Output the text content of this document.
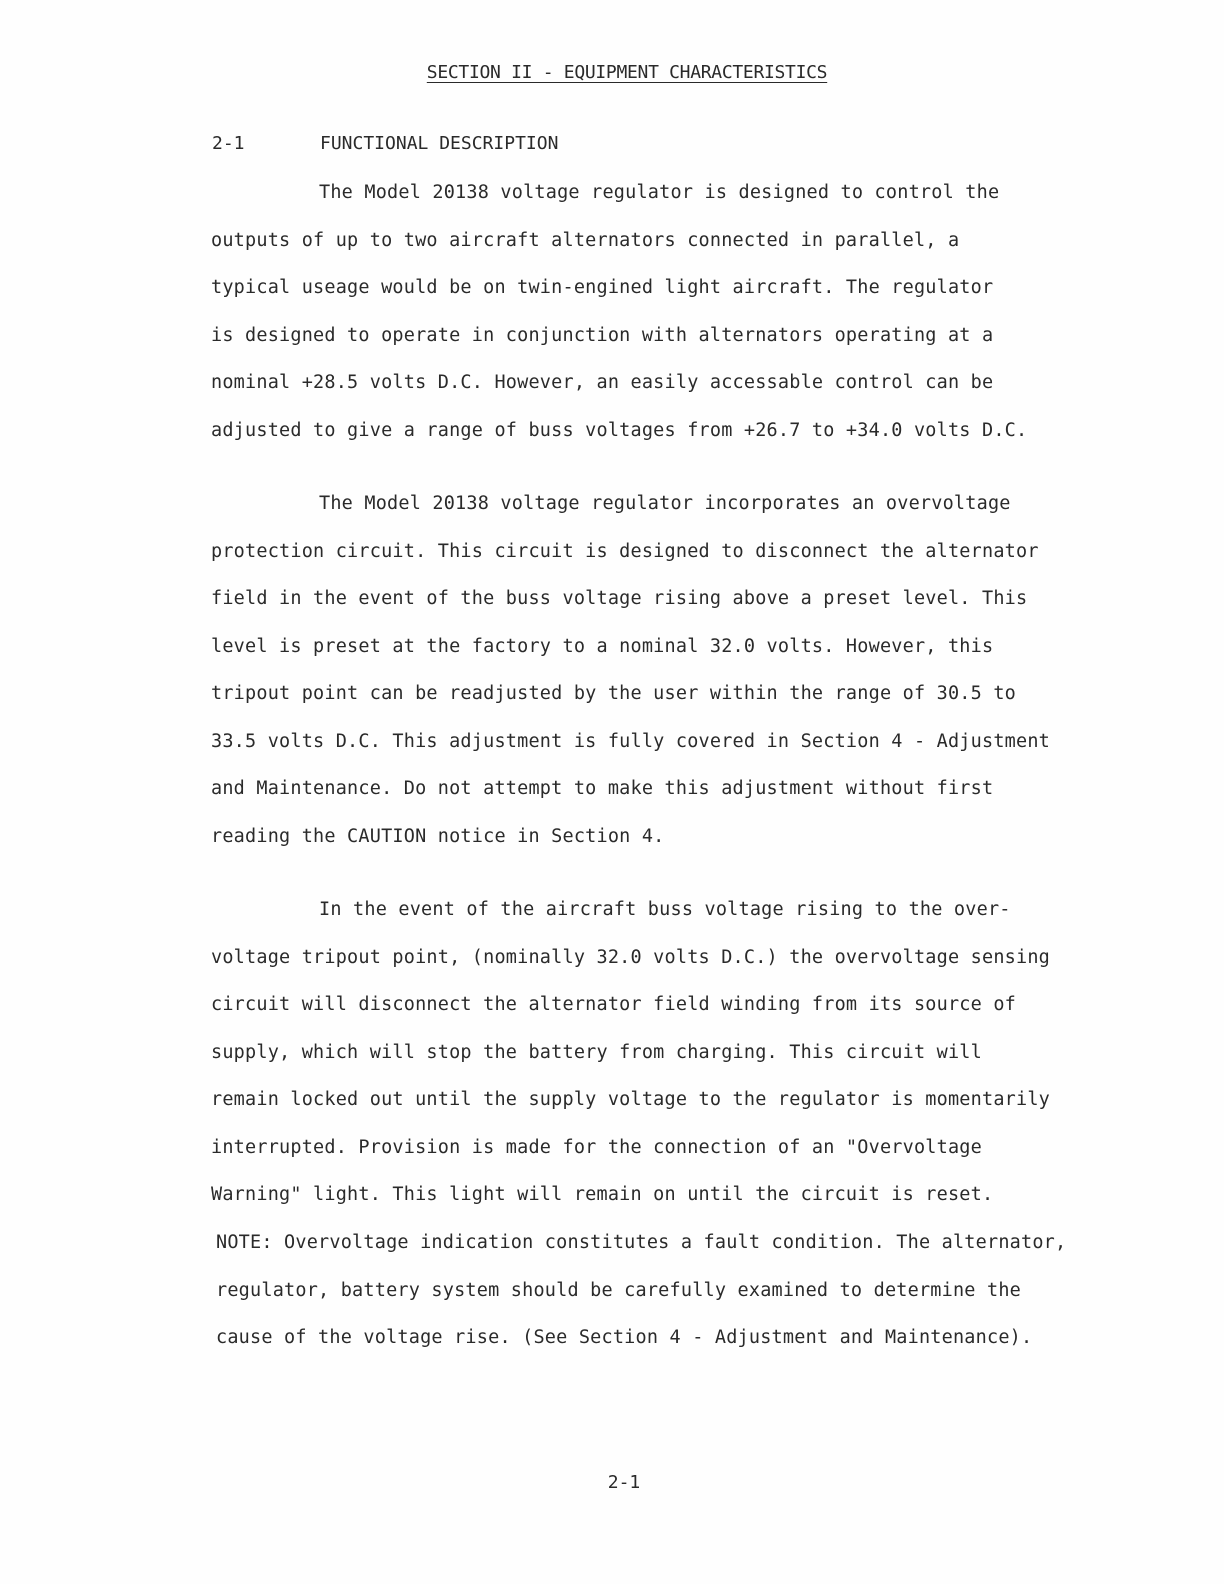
SECTION II - EQUIPMENT CHARACTERISTICS
2-1	FUNCTIONAL DESCRIPTION
The Model 20138 voltage regulator is designed to control the
outputs of up to two aircraft alternators connected in parallel, a
typical useage would be on twin-engined light aircraft. The regulator
is designed to operate in conjunction with alternators operating at a
nominal +28.5 volts D.C. However, an easily accessable control can be
adjusted to give a range of buss voltages from +26.7 to +34.0 volts D.C.
The Model 20138 voltage regulator incorporates an overvoltage
protection circuit. This circuit is designed to disconnect the alternator
field in the event of the buss voltage rising above a preset level. This
level is preset at the factory to a nominal 32.0 volts. However, this
tripout point can be readjusted by the user within the range of 30.5 to
33.5 volts D.C. This adjustment is fully covered in Section 4 - Adjustment
and Maintenance. Do not attempt to make this adjustment without first
reading the CAUTION notice in Section 4.
In the event of the aircraft buss voltage rising to the over-
voltage tripout point, (nominally 32.0 volts D.C.) the overvoltage sensing
circuit will disconnect the alternator field winding from its source of
supply, which will stop the battery from charging. This circuit will
remain locked out until the supply voltage to the regulator is momentarily
interrupted. Provision is made for the connection of an "Overvoltage
Warning" light. This light will remain on until the circuit is reset.
NOTE: Overvoltage indication constitutes a fault condition. The alternator,
regulator, battery system should be carefully examined to determine the
cause of the voltage rise. (See Section 4 - Adjustment and Maintenance).
2-1
